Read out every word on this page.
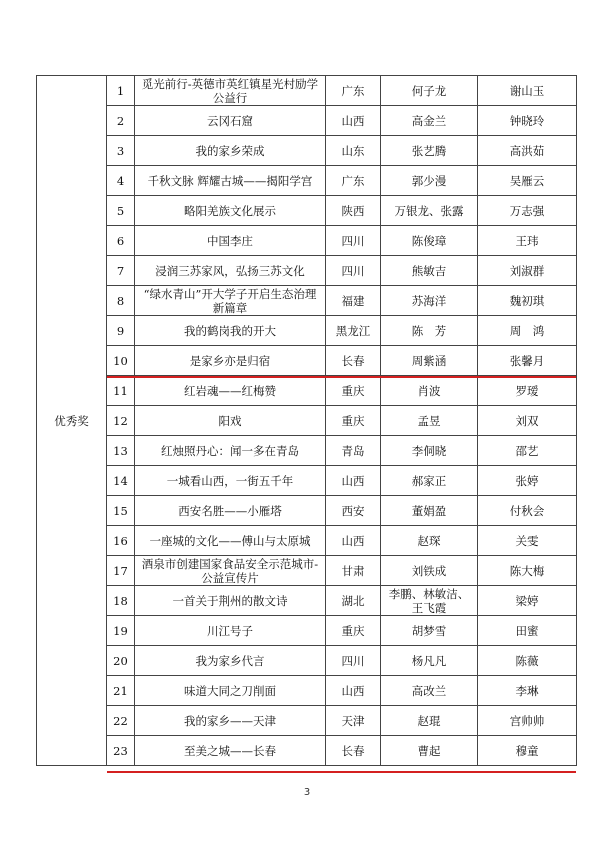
优秀奖	1	觅光前行-英德市英红镇星光村励学公益行	广东	何子龙	谢山玉
	2	云冈石窟	山西	高金兰	钟晓玲
	3	我的家乡荣成	山东	张艺腾	高洪茹
	4	千秋文脉 辉耀古城——揭阳学宫	广东	郭少漫	吴雁云
	5	略阳羌族文化展示	陕西	万银龙、张露	万志强
	6	中国李庄	四川	陈俊璋	王玮
	7	浸润三苏家风，弘扬三苏文化	四川	熊敏吉	刘淑群
	8	“绿水青山”开大学子开启生态治理新篇章	福建	苏海洋	魏初琪
	9	我的鹤岗我的开大	黑龙江	陈　芳	周　鸿
	10	是家乡亦是归宿	长春	周紫涵	张馨月
	11	红岩魂——红梅赞	重庆	肖波	罗瑷
	12	阳戏	重庆	孟昱	刘双
	13	红烛照丹心：闻一多在青岛	青岛	李侗晓	邵艺
	14	一城看山西，一街五千年	山西	郝家正	张婷
	15	西安名胜——小雁塔	西安	董娟盈	付秋会
	16	一座城的文化——傅山与太原城	山西	赵琛	关雯
	17	酒泉市创建国家食品安全示范城市-公益宣传片	甘肃	刘铁成	陈大梅
	18	一首关于荆州的散文诗	湖北	李鹏、林敏洁、王飞霞	梁婷
	19	川江号子	重庆	胡梦雪	田蜜
	20	我为家乡代言	四川	杨凡凡	陈薇
	21	味道大同之刀削面	山西	高改兰	李琳
	22	我的家乡——天津	天津	赵琨	宫帅帅
	23	至美之城——长春	长春	曹起	穆童
3
